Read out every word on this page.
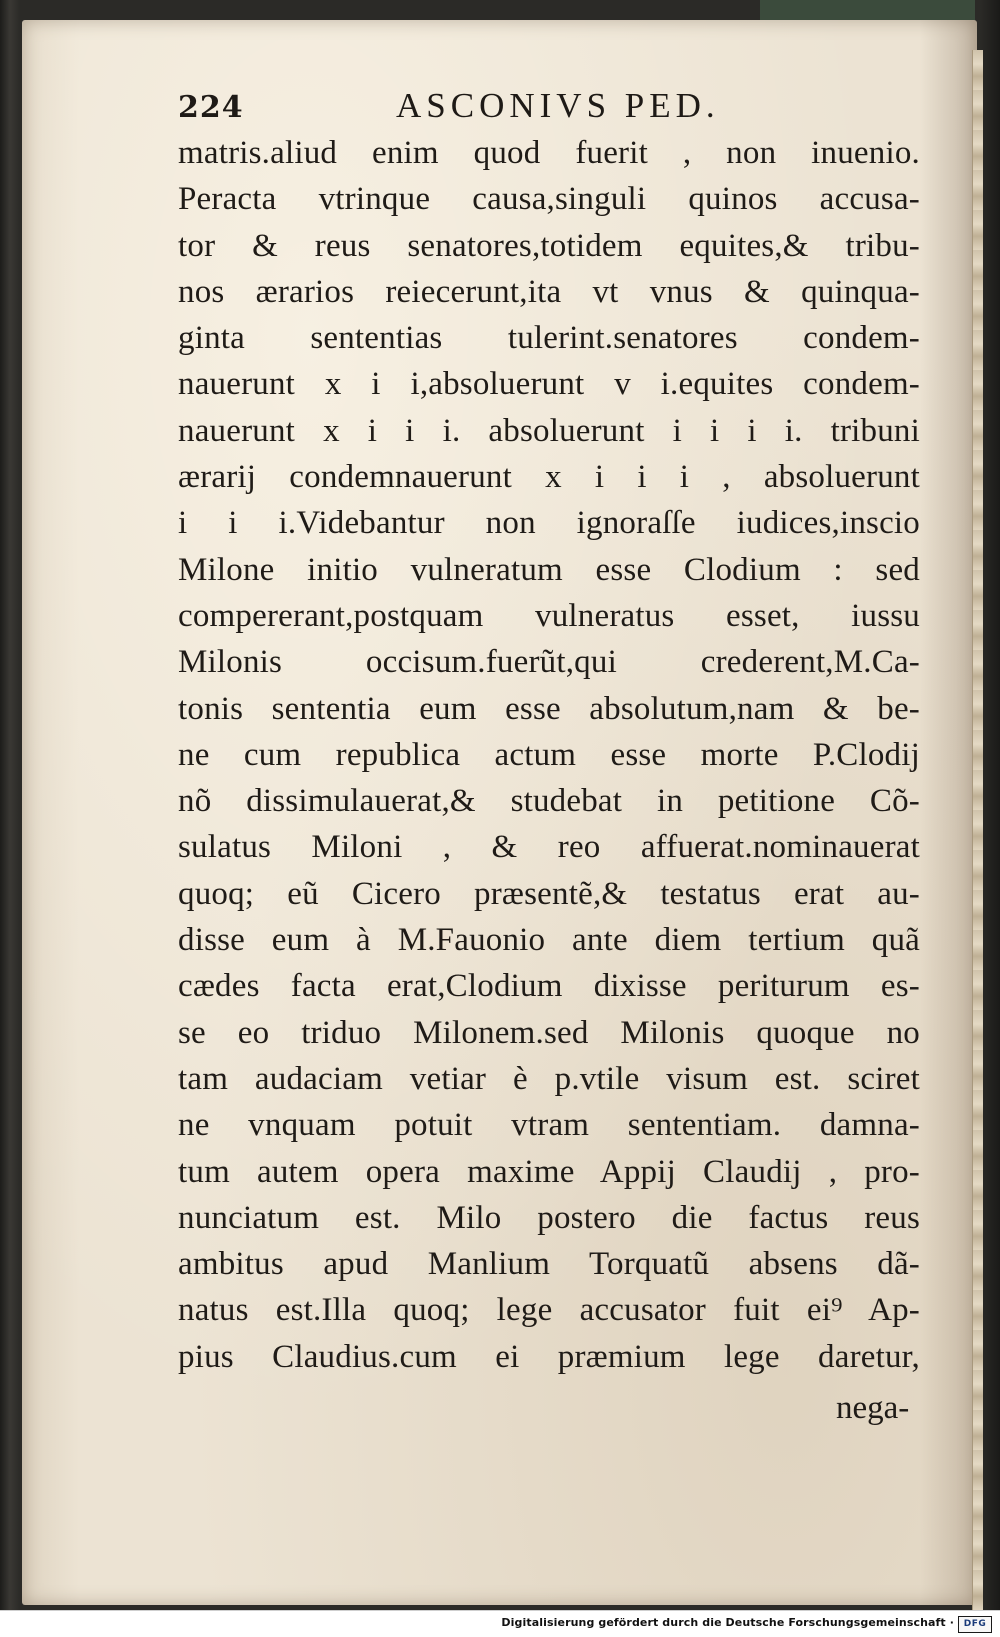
224	ASCONIVS PED.
matris.aliud enim quod fuerit , non inuenio.
Peracta vtrinque causa,singuli quinos accusa-
tor & reus senatores,totidem equites,& tribu-
nos ærarios reiecerunt,ita vt vnus & quinqua-
ginta sententias tulerint.senatores condem-
nauerunt x i i,absoluerunt v i.equites condem-
nauerunt x i i i. absoluerunt i i i i. tribuni
ærarij condemnauerunt x i i i , absoluerunt
i i i.Videbantur non ignoraſſe iudices,inscio
Milone initio vulneratum esse Clodium : sed
compererant,postquam vulneratus esset, iussu
Milonis occisum.fuerũt,qui crederent,M.Ca-
tonis sententia eum esse absolutum,nam & be-
ne cum republica actum esse morte P.Clodij
nõ dissimulauerat,& studebat in petitione Cõ-
sulatus Miloni , & reo affuerat.nominauerat
quoq; eũ Cicero præsentẽ,& testatus erat au-
disse eum à M.Fauonio ante diem tertium quã
cædes facta erat,Clodium dixisse periturum es-
se eo triduo Milonem.sed Milonis quoque no
tam audaciam vetiar è p.vtile visum est. sciret
ne vnquam potuit vtram sententiam. damna-
tum autem opera maxime Appij Claudij , pro-
nunciatum est. Milo postero die factus reus
ambitus apud Manlium Torquatũ absens dã-
natus est.Illa quoq; lege accusator fuit ei⁹ Ap-
pius Claudius.cum ei præmium lege daretur,
nega-
Digitalisierung gefördert durch die Deutsche Forschungsgemeinschaft ·	DFG
